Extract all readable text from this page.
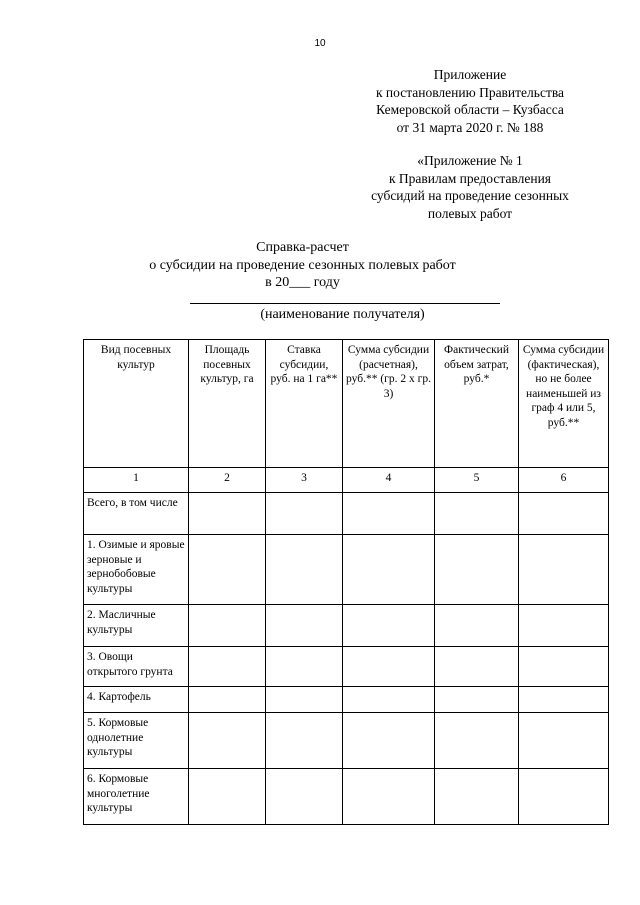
10
Приложение
к постановлению Правительства
Кемеровской области – Кузбасса
от 31 марта 2020 г. № 188
«Приложение № 1
к Правилам предоставления
субсидий на проведение сезонных
полевых работ
Справка-расчет
о субсидии на проведение сезонных полевых работ
в 20___ году
(наименование получателя)
Вид посевных культур	Площадь посевных культур, га	Ставка субсидии, руб. на 1 га**	Сумма субсидии (расчетная), руб.** (гр. 2 х гр. 3)	Фактический объем затрат, руб.*	Сумма субсидии (фактическая), но не более наименьшей из граф 4 или 5, руб.**
1	2	3	4	5	6
Всего, в том числе					
1. Озимые и яровые зерновые и зернобобовые культуры					
2. Масличные культуры					
3. Овощи открытого грунта					
4. Картофель					
5. Кормовые однолетние культуры					
6. Кормовые многолетние культуры					
